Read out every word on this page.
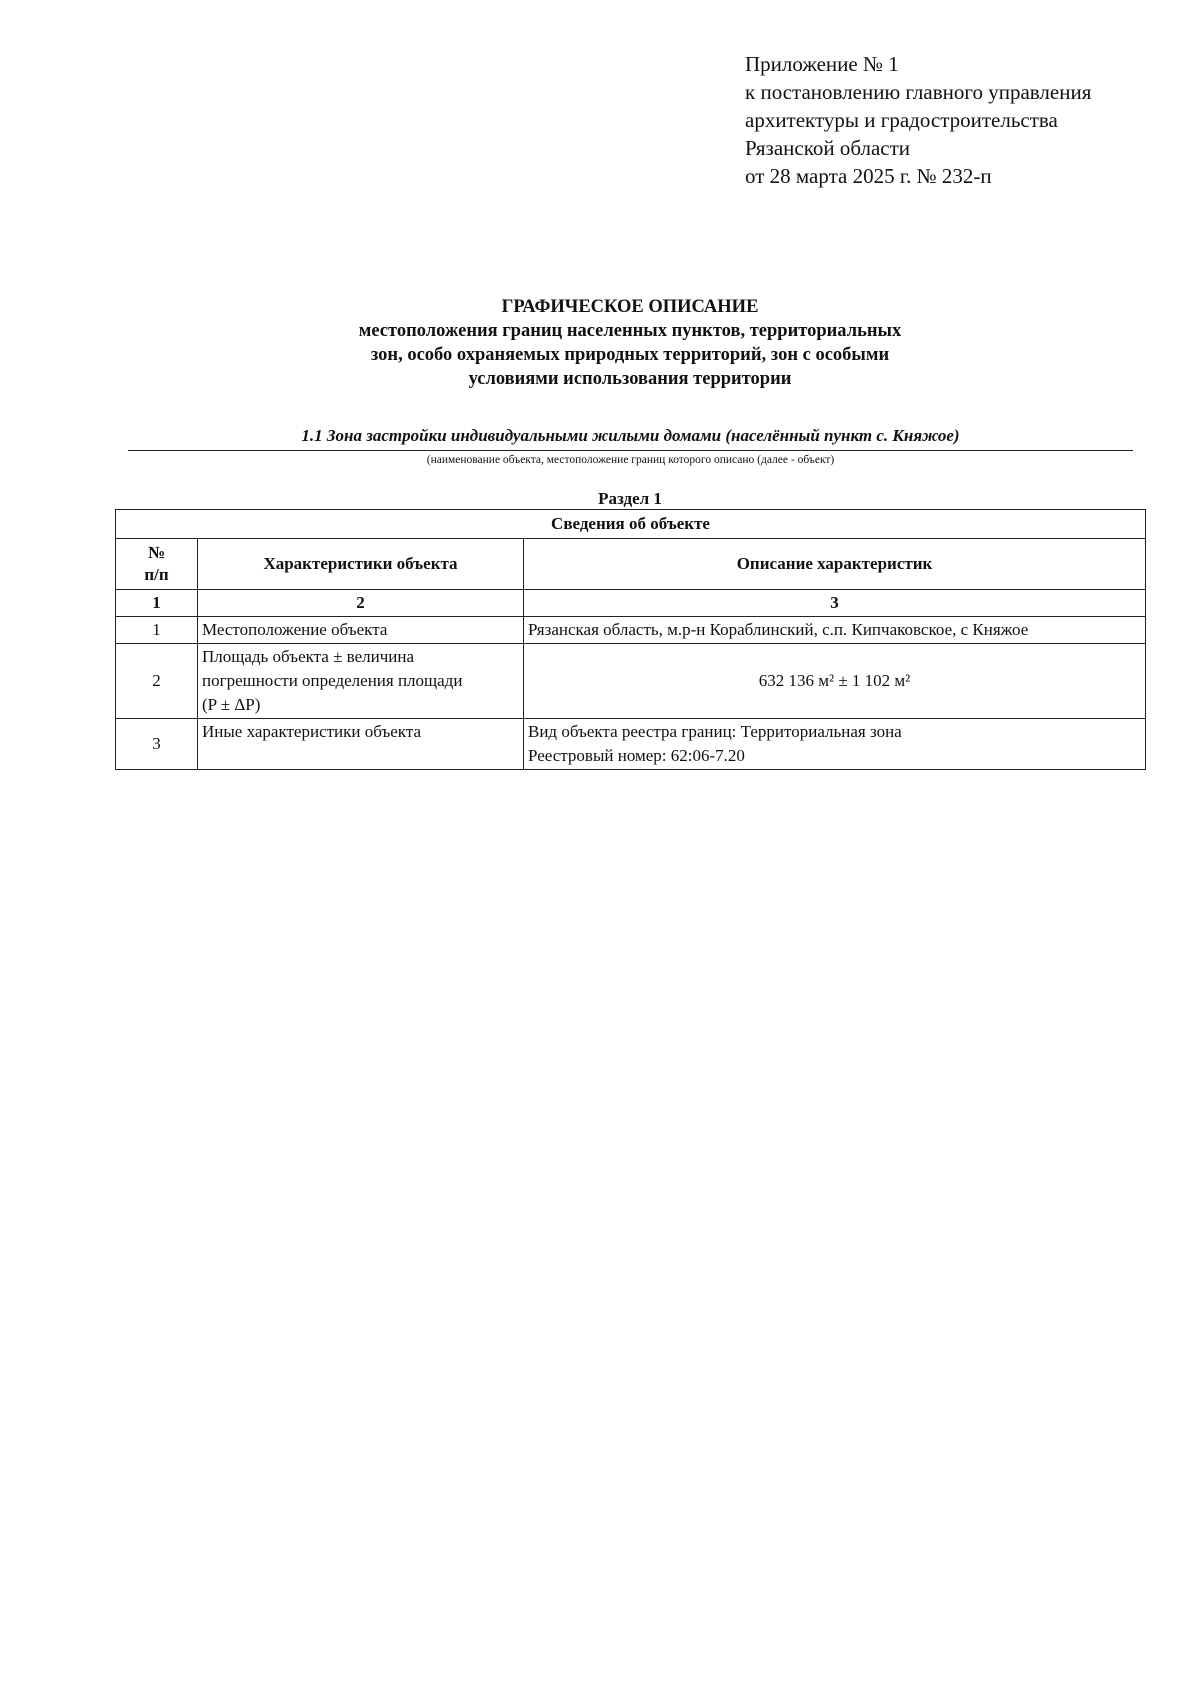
Приложение № 1
к постановлению главного управления
архитектуры и градостроительства
Рязанской области
от 28 марта 2025 г. № 232-п
ГРАФИЧЕСКОЕ ОПИСАНИЕ
местоположения границ населенных пунктов, территориальных
зон, особо охраняемых природных территорий, зон с особыми
условиями использования территории
1.1 Зона застройки индивидуальными жилыми домами (населённый пункт с. Княжое)
(наименование объекта, местоположение границ которого описано (далее - объект)
Раздел 1
Сведения об объекте		

№
п/п	Характеристики объекта	Описание характеристик
1	2	3
1	Местоположение объекта	Рязанская область, м.р-н Кораблинский, с.п. Кипчаковское, с Княжое
2	Площадь объекта ± величина
погрешности определения площади
(P ± ΔP)	632 136 м² ± 1 102 м²
3	Иные характеристики объекта	Вид объекта реестра границ: Территориальная зона
Реестровый номер: 62:06-7.20
